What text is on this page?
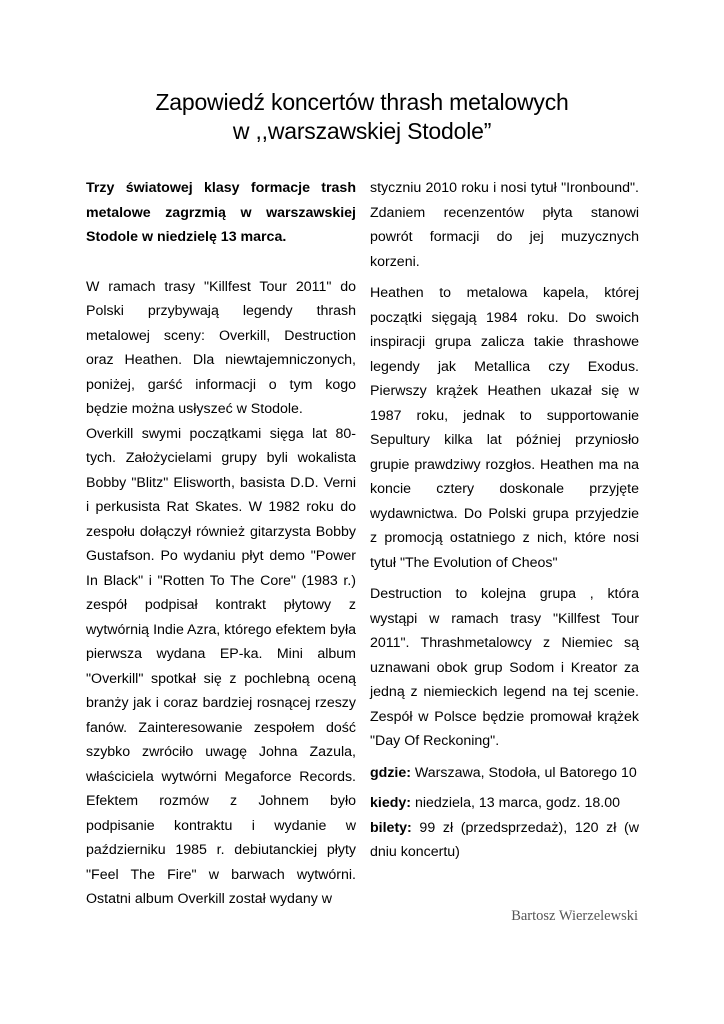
Zapowiedź koncertów thrash metalowych
w ,,warszawskiej Stodole”

Trzy światowej klasy formacje trash metalowe zagrzmią w warszawskiej Stodole w niedzielę 13 marca.

W ramach trasy "Killfest Tour 2011" do Polski przybywają legendy thrash metalowej sceny: Overkill, Destruction oraz Heathen. Dla niewtajemniczonych, poniżej, garść informacji o tym kogo będzie można usłyszeć w Stodole.

Overkill swymi początkami sięga lat 80-tych. Założycielami grupy byli wokalista Bobby "Blitz" Elisworth, basista D.D. Verni i perkusista Rat Skates. W 1982 roku do zespołu dołączył również gitarzysta Bobby Gustafson. Po wydaniu płyt demo "Power In Black" i "Rotten To The Core" (1983 r.) zespół podpisał kontrakt płytowy z wytwórnią Indie Azra, którego efektem była pierwsza wydana EP-ka. Mini album "Overkill" spotkał się z pochlebną oceną branży jak i coraz bardziej rosnącej rzeszy fanów. Zainteresowanie zespołem dość szybko zwróciło uwagę Johna Zazula, właściciela wytwórni Megaforce Records. Efektem rozmów z Johnem było podpisanie kontraktu i wydanie w październiku 1985 r. debiutanckiej płyty "Feel The Fire" w barwach wytwórni. Ostatni album Overkill został wydany w

styczniu 2010 roku i nosi tytuł "Ironbound". Zdaniem recenzentów płyta stanowi powrót formacji do jej muzycznych korzeni.

Heathen to metalowa kapela, której początki sięgają 1984 roku. Do swoich inspiracji grupa zalicza takie thrashowe legendy jak Metallica czy Exodus. Pierwszy krążek Heathen ukazał się w 1987 roku, jednak to supportowanie Sepultury kilka lat później przyniosło grupie prawdziwy rozgłos. Heathen ma na koncie cztery doskonale przyjęte wydawnictwa. Do Polski grupa przyjedzie z promocją ostatniego z nich, które nosi tytuł "The Evolution of Cheos"

Destruction to kolejna grupa , która wystąpi w ramach trasy "Killfest Tour 2011". Thrashmetalowcy z Niemiec są uznawani obok grup Sodom i Kreator za jedną z niemieckich legend na tej scenie. Zespół w Polsce będzie promował krążek "Day Of Reckoning".

gdzie: Warszawa, Stodoła, ul Batorego 10

kiedy: niedziela, 13 marca, godz. 18.00

bilety: 99 zł (przedsprzedaż), 120 zł (w dniu koncertu)

Bartosz Wierzelewski
